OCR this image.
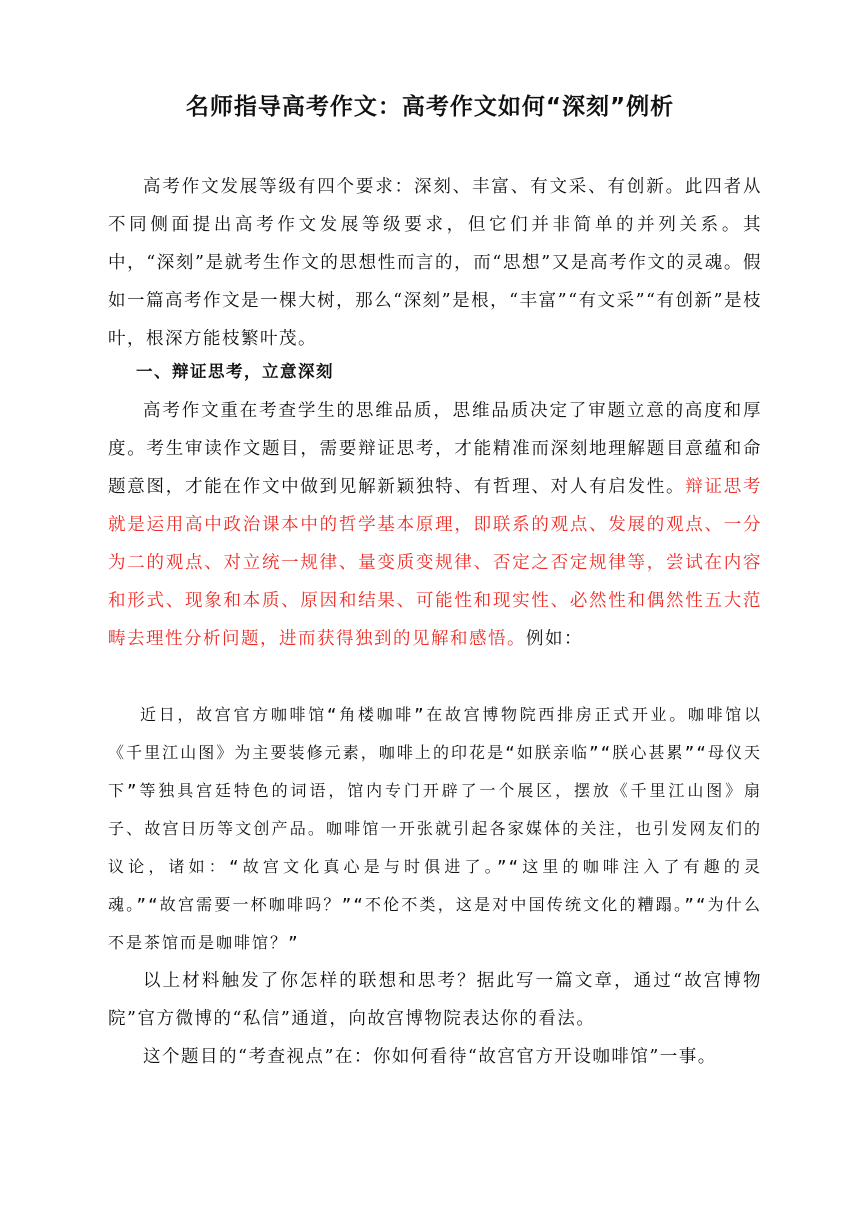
名师指导高考作文：高考作文如何“深刻”例析

高考作文发展等级有四个要求：深刻、丰富、有文采、有创新。此四者从不同侧面提出高考作文发展等级要求，但它们并非简单的并列关系。其中，“深刻”是就考生作文的思想性而言的，而“思想”又是高考作文的灵魂。假如一篇高考作文是一棵大树，那么“深刻”是根，“丰富”“有文采”“有创新”是枝叶，根深方能枝繁叶茂。

一、辩证思考，立意深刻

高考作文重在考查学生的思维品质，思维品质决定了审题立意的高度和厚度。考生审读作文题目，需要辩证思考，才能精准而深刻地理解题目意蕴和命题意图，才能在作文中做到见解新颖独特、有哲理、对人有启发性。辩证思考就是运用高中政治课本中的哲学基本原理，即联系的观点、发展的观点、一分为二的观点、对立统一规律、量变质变规律、否定之否定规律等，尝试在内容和形式、现象和本质、原因和结果、可能性和现实性、必然性和偶然性五大范畴去理性分析问题，进而获得独到的见解和感悟。例如：

近日，故宫官方咖啡馆“角楼咖啡”在故宫博物院西排房正式开业。咖啡馆以《千里江山图》为主要装修元素，咖啡上的印花是“如朕亲临”“朕心甚累”“母仪天下”等独具宫廷特色的词语，馆内专门开辟了一个展区，摆放《千里江山图》扇子、故宫日历等文创产品。咖啡馆一开张就引起各家媒体的关注，也引发网友们的议论，诸如：“故宫文化真心是与时俱进了。”“这里的咖啡注入了有趣的灵魂。”“故宫需要一杯咖啡吗？”“不伦不类，这是对中国传统文化的糟蹋。”“为什么不是茶馆而是咖啡馆？”

以上材料触发了你怎样的联想和思考？据此写一篇文章，通过“故宫博物院”官方微博的“私信”通道，向故宫博物院表达你的看法。

这个题目的“考查视点”在：你如何看待“故宫官方开设咖啡馆”一事。
